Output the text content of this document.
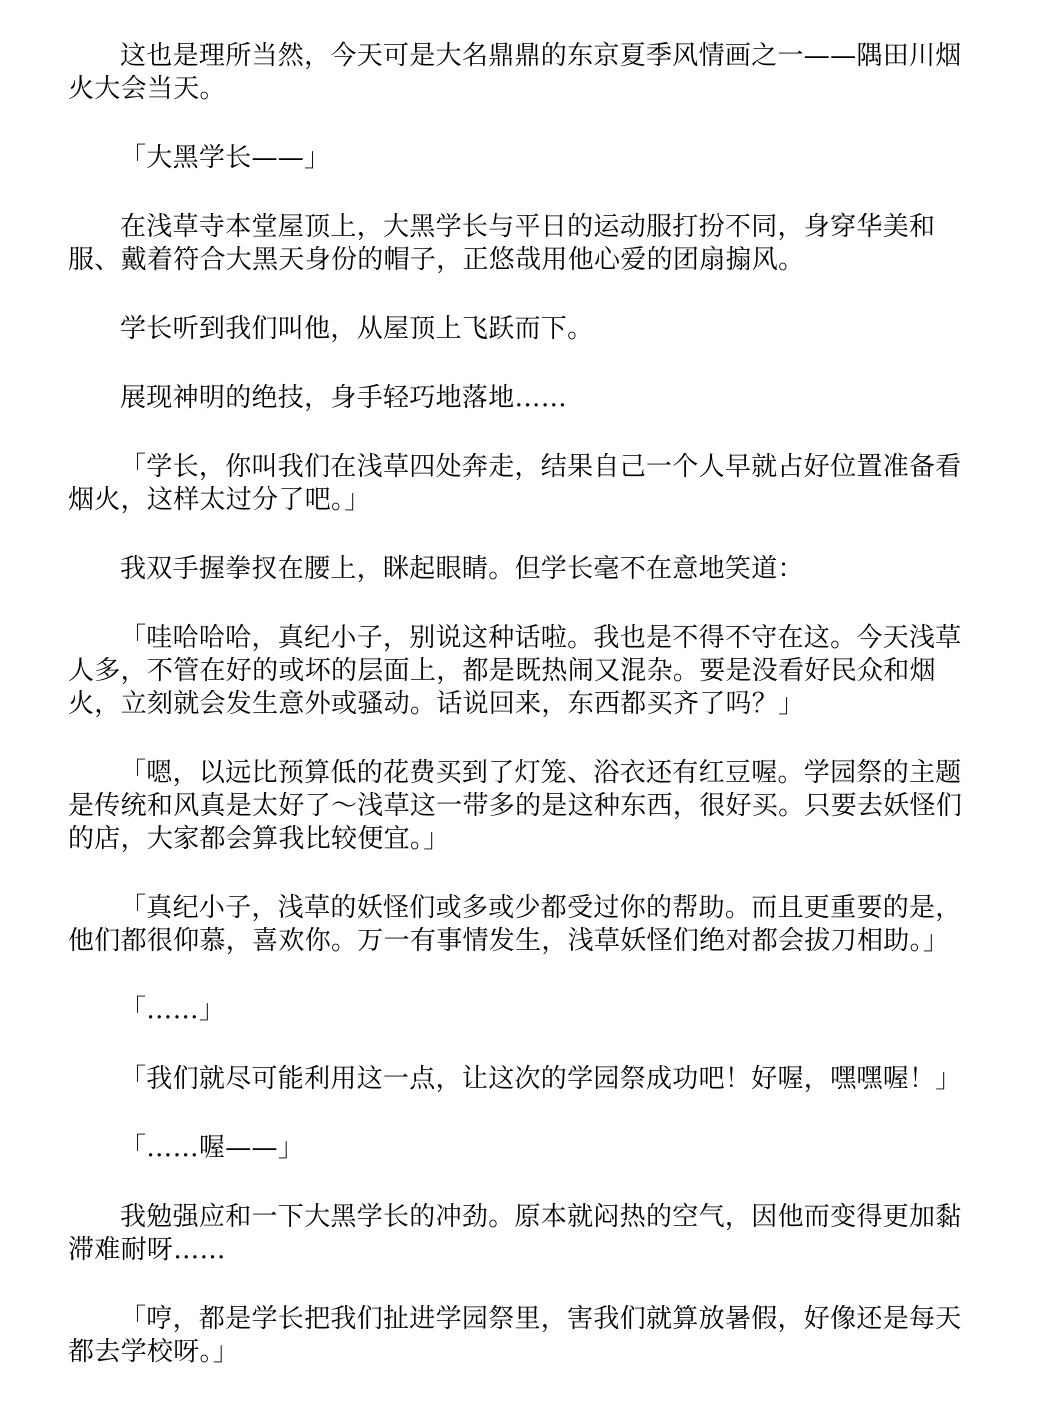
这也是理所当然，今天可是大名鼎鼎的东京夏季风情画之一——隅田川烟火大会当天。

「大黑学长——」

在浅草寺本堂屋顶上，大黑学长与平日的运动服打扮不同，身穿华美和服、戴着符合大黑天身份的帽子，正悠哉用他心爱的团扇搧风。

学长听到我们叫他，从屋顶上飞跃而下。

展现神明的绝技，身手轻巧地落地……

「学长，你叫我们在浅草四处奔走，结果自己一个人早就占好位置准备看烟火，这样太过分了吧。」

我双手握拳扠在腰上，眯起眼睛。但学长毫不在意地笑道：

「哇哈哈哈，真纪小子，别说这种话啦。我也是不得不守在这。今天浅草人多，不管在好的或坏的层面上，都是既热闹又混杂。要是没看好民众和烟火，立刻就会发生意外或骚动。话说回来，东西都买齐了吗？」

「嗯，以远比预算低的花费买到了灯笼、浴衣还有红豆喔。学园祭的主题是传统和风真是太好了～浅草这一带多的是这种东西，很好买。只要去妖怪们的店，大家都会算我比较便宜。」

「真纪小子，浅草的妖怪们或多或少都受过你的帮助。而且更重要的是，他们都很仰慕，喜欢你。万一有事情发生，浅草妖怪们绝对都会拔刀相助。」

「……」

「我们就尽可能利用这一点，让这次的学园祭成功吧！好喔，嘿嘿喔！」

「……喔——」

我勉强应和一下大黑学长的冲劲。原本就闷热的空气，因他而变得更加黏滞难耐呀……

「哼，都是学长把我们扯进学园祭里，害我们就算放暑假，好像还是每天都去学校呀。」
